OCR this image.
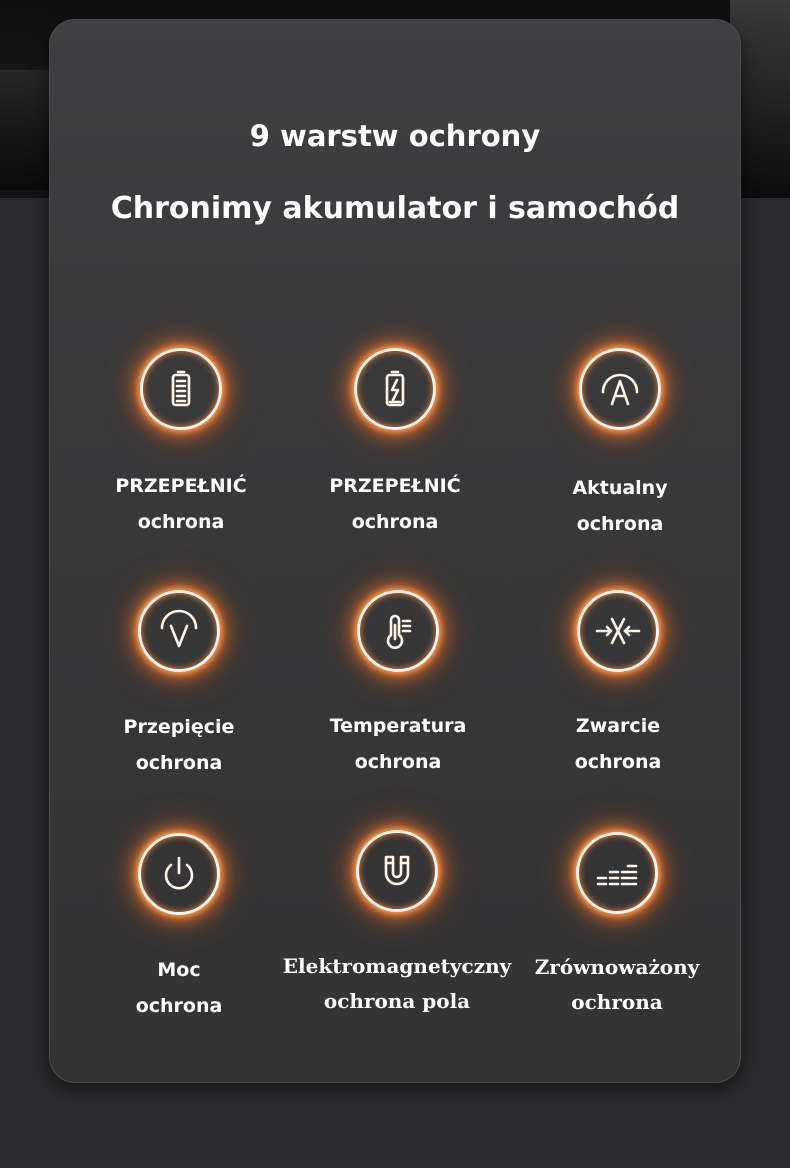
9 warstw ochrony
Chronimy akumulator i samochód
PRZEPEŁNIĆ
ochrona
PRZEPEŁNIĆ
ochrona
Aktualny
ochrona
Przepięcie
ochrona
Temperatura
ochrona
Zwarcie
ochrona
Moc
ochrona
Elektromagnetyczny
ochrona pola
Zrównoważony
ochrona
